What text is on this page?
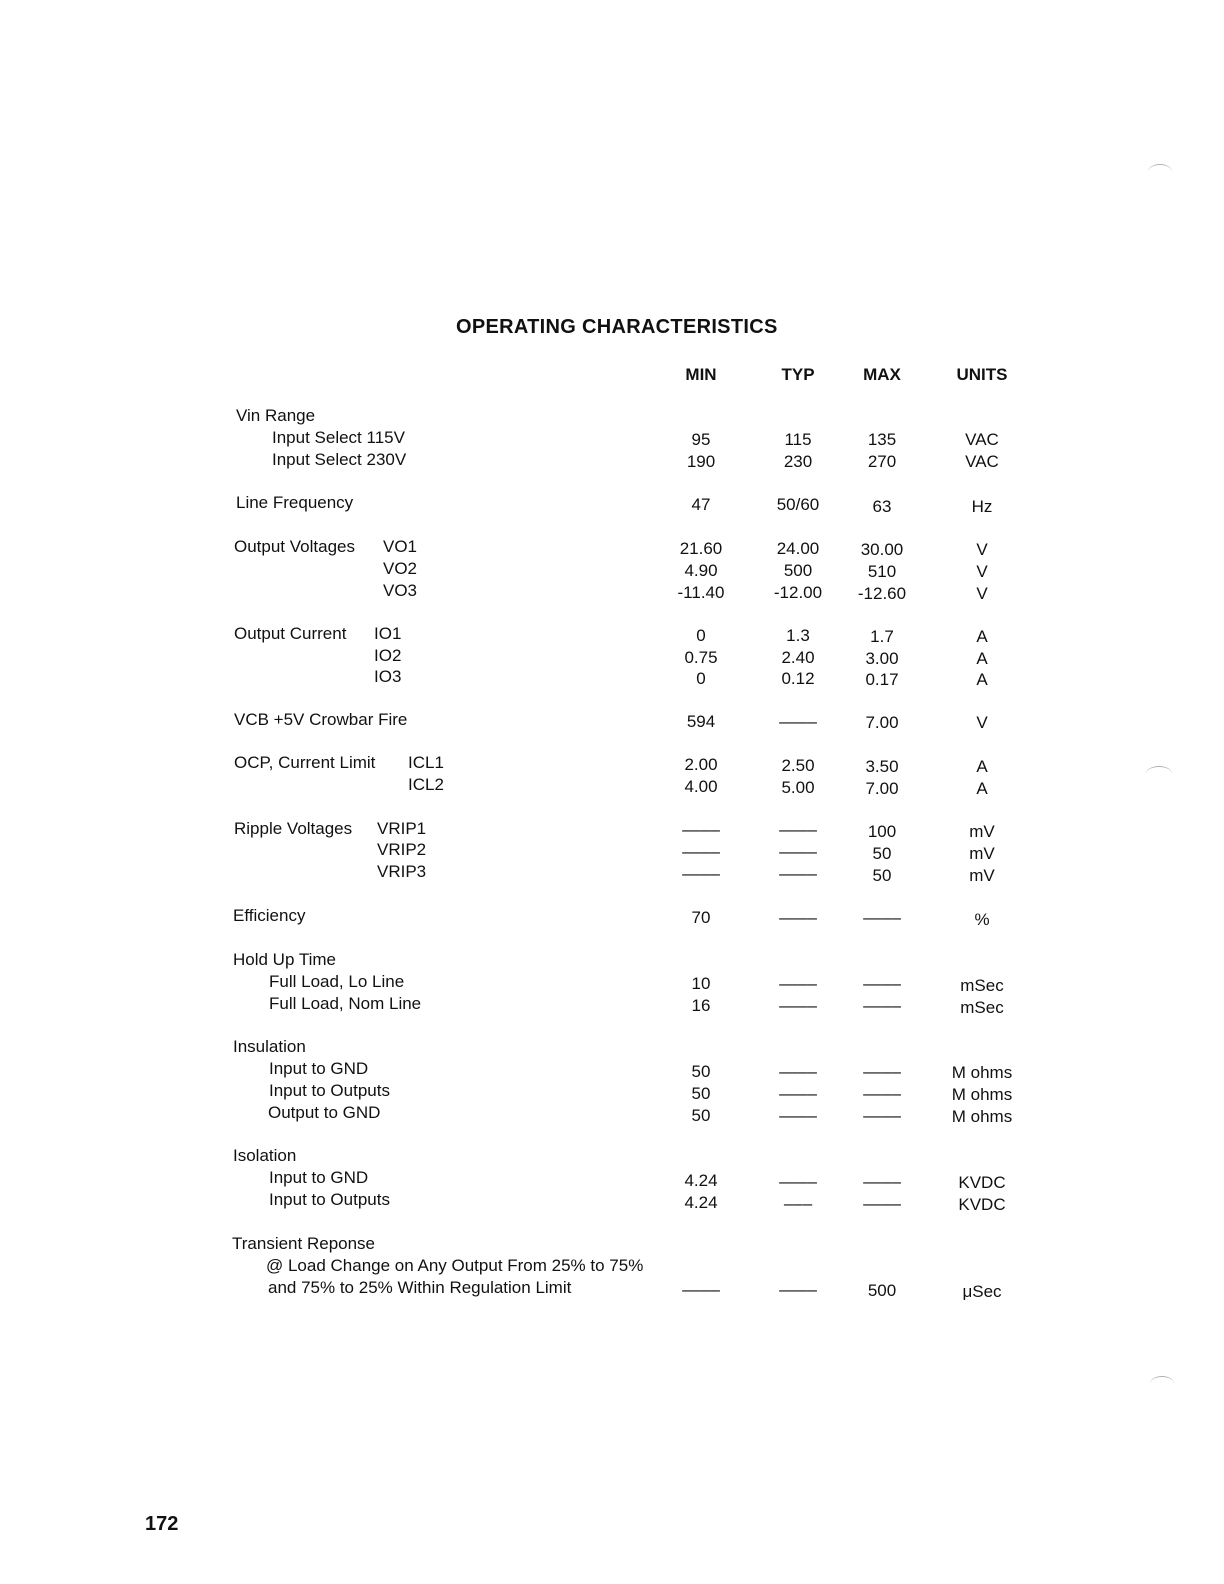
OPERATING CHARACTERISTICS
MIN	TYP	MAX	UNITS
Vin Range
Input Select 115V	95	115	135	VAC
Input Select 230V	190	230	270	VAC
Line Frequency	47	50/60	63	Hz
Output Voltages VO1	21.60	24.00	30.00	V
VO2	4.90	500	510	V
VO3	-11.40	-12.00	-12.60	V
Output Current IO1	0	1.3	1.7	A
IO2	0.75	2.40	3.00	A
IO3	0	0.12	0.17	A
VCB +5V Crowbar Fire	594	––––	7.00	V
OCP, Current Limit ICL1	2.00	2.50	3.50	A
ICL2	4.00	5.00	7.00	A
Ripple Voltages VRIP1	––––	––––	100	mV
VRIP2	––––	––––	50	mV
VRIP3	––––	––––	50	mV
Efficiency	70	––––	––––	%
Hold Up Time
Full Load, Lo Line	10	––––	––––	mSec
Full Load, Nom Line	16	––––	––––	mSec
Insulation
Input to GND	50	––––	––––	M ohms
Input to Outputs	50	––––	––––	M ohms
Output to GND	50	––––	––––	M ohms
Isolation
Input to GND	4.24	––––	––––	KVDC
Input to Outputs	4.24	–––	––––	KVDC
Transient Reponse
@ Load Change on Any Output From 25% to 75%
and 75% to 25% Within Regulation Limit	––––	––––	500	μSec
172
